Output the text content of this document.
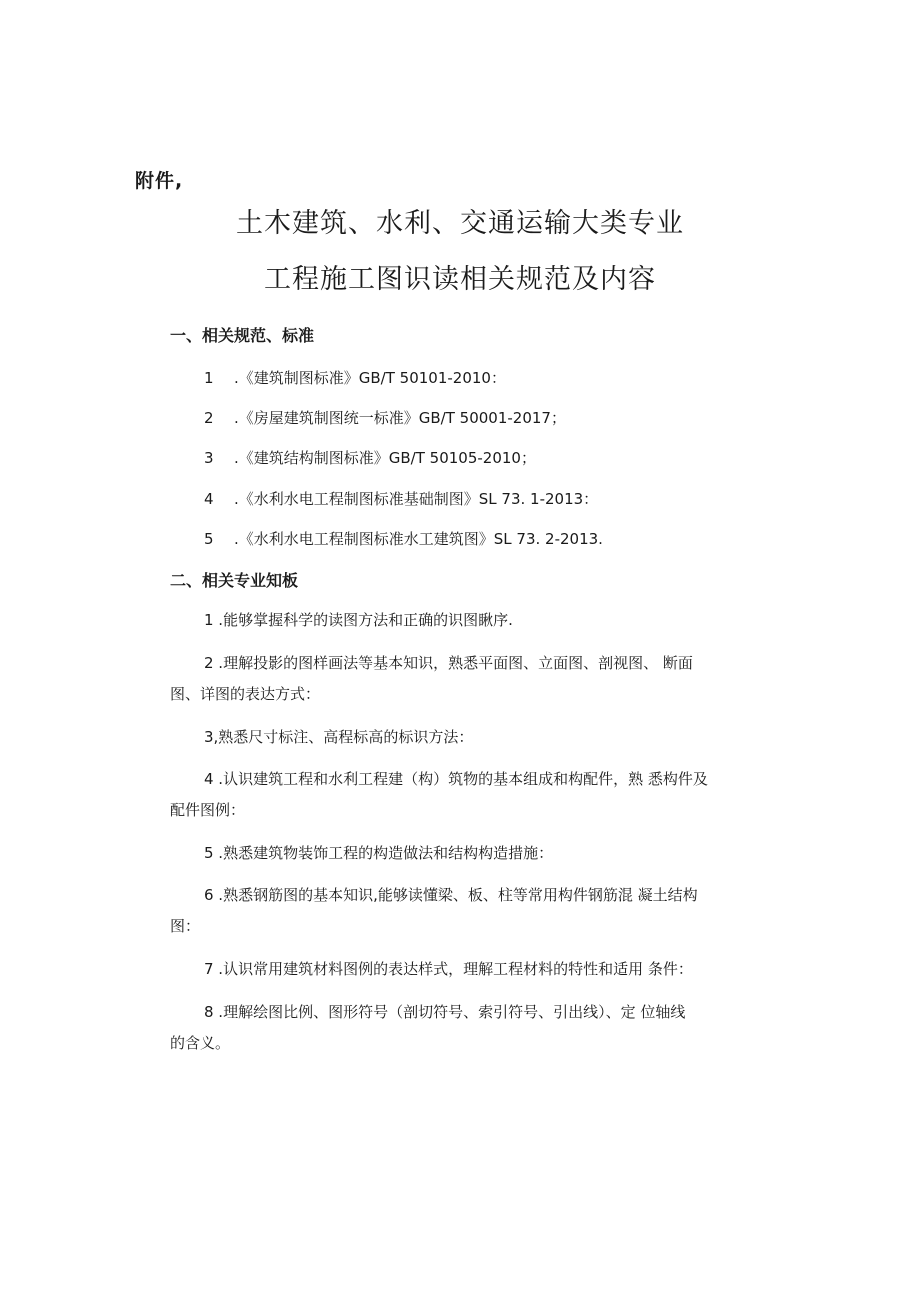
附件,
土木建筑、水利、交通运输大类专业
工程施工图识读相关规范及内容
一、相关规范、标准
1 .《建筑制图标准》GB/T 50101-2010：
2 .《房屋建筑制图统一标准》GB/T 50001-2017；
3 .《建筑结构制图标准》GB/T 50105-2010；
4 .《水利水电工程制图标准基础制图》SL 73. 1-2013：
5 .《水利水电工程制图标准水工建筑图》SL 73. 2-2013.
二、相关专业知板
1 .能够掌握科学的读图方法和正确的识图瞅序.
2 .理解投影的图样画法等基本知识，熟悉平面图、立面图、剖视图、 断面
图、详图的表达方式：
3,熟悉尺寸标注、高程标高的标识方法：
4 .认识建筑工程和水利工程建（构）筑物的基本组成和构配件，熟 悉构件及
配件图例：
5 .熟悉建筑物装饰工程的构造做法和结构构造措施：
6 .熟悉钢筋图的基本知识,能够读懂梁、板、柱等常用构件钢筋混 凝土结构
图：
7 .认识常用建筑材料图例的表达样式，理解工程材料的特性和适用 条件：
8 .理解绘图比例、图形符号（剖切符号、索引符号、引出线）、定 位轴线
的含义。
